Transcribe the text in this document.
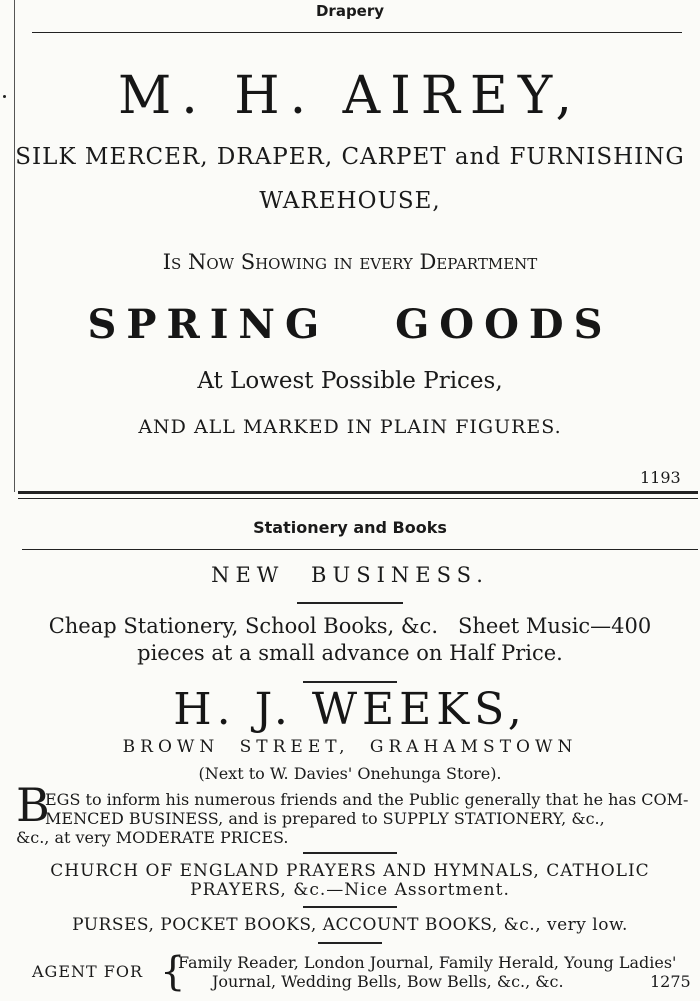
Drapery
M. H. AIREY,
SILK MERCER, DRAPER, CARPET and FURNISHING
WAREHOUSE,
Is Now Showing in every Department
SPRING GOODS
At Lowest Possible Prices,
AND ALL MARKED IN PLAIN FIGURES.
1193
Stationery and Books
NEW BUSINESS.
Cheap Stationery, School Books, &c.   Sheet Music—400
pieces at a small advance on Half Price.
H. J. WEEKS,
BROWN STREET, GRAHAMSTOWN
(Next to W. Davies' Onehunga Store).
B
EGS to inform his numerous friends and the Public generally that he has COM-
MENCED BUSINESS, and is prepared to SUPPLY STATIONERY, &c.,
&c., at very MODERATE PRICES.
CHURCH OF ENGLAND PRAYERS AND HYMNALS, CATHOLIC
PRAYERS, &c.—Nice Assortment.
PURSES, POCKET BOOKS, ACCOUNT BOOKS, &c., very low.
AGENT FOR {
Family Reader, London Journal, Family Herald, Young Ladies'
Journal, Wedding Bells, Bow Bells, &c., &c.	1275
